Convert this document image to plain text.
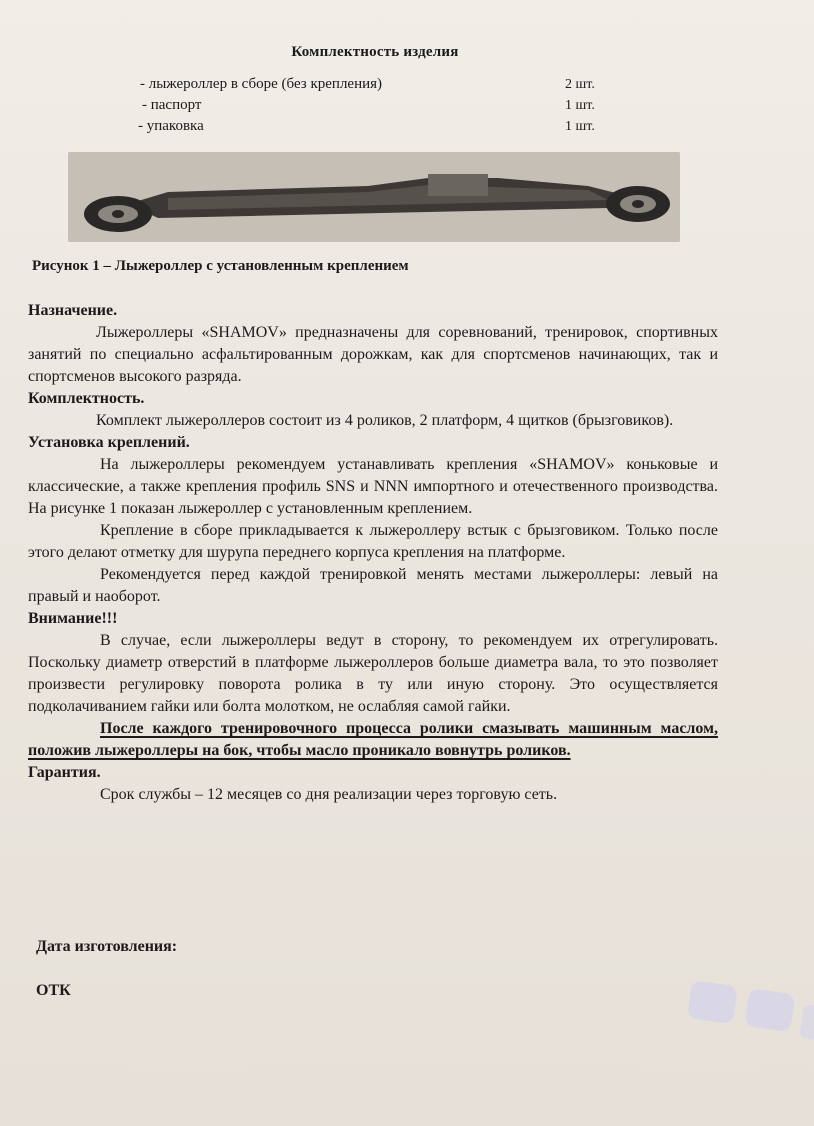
Комплектность изделия
- лыжероллер в сборе (без крепления)	2 шт.
- паспорт	1 шт.
- упаковка	1 шт.
Рисунок 1 – Лыжероллер с установленным креплением
Назначение.
Лыжероллеры «SHAMOV» предназначены для соревнований, тренировок, спортивных занятий по специально асфальтированным дорожкам, как для спортсменов начинающих, так и спортсменов высокого разряда.
Комплектность.
Комплект лыжероллеров состоит из 4 роликов, 2 платформ, 4 щитков (брызговиков).
Установка креплений.
На лыжероллеры рекомендуем устанавливать крепления «SHAMOV» коньковые и классические, а также крепления профиль SNS и NNN импортного и отечественного производства. На рисунке 1 показан лыжероллер с установленным креплением.
Крепление в сборе прикладывается к лыжероллеру встык с брызговиком. Только после этого делают отметку для шурупа переднего корпуса крепления на платформе.
Рекомендуется перед каждой тренировкой менять местами лыжероллеры: левый на правый и наоборот.
Внимание!!!
В случае, если лыжероллеры ведут в сторону, то рекомендуем их отрегулировать. Поскольку диаметр отверстий в платформе лыжероллеров больше диаметра вала, то это позволяет произвести регулировку поворота ролика в ту или иную сторону. Это осуществляется подколачиванием гайки или болта молотком, не ослабляя самой гайки.
После каждого тренировочного процесса ролики смазывать машинным маслом, положив лыжероллеры на бок, чтобы масло проникало вовнутрь роликов.
Гарантия.
Срок службы – 12 месяцев со дня реализации через торговую сеть.
Дата изготовления:
ОТК
